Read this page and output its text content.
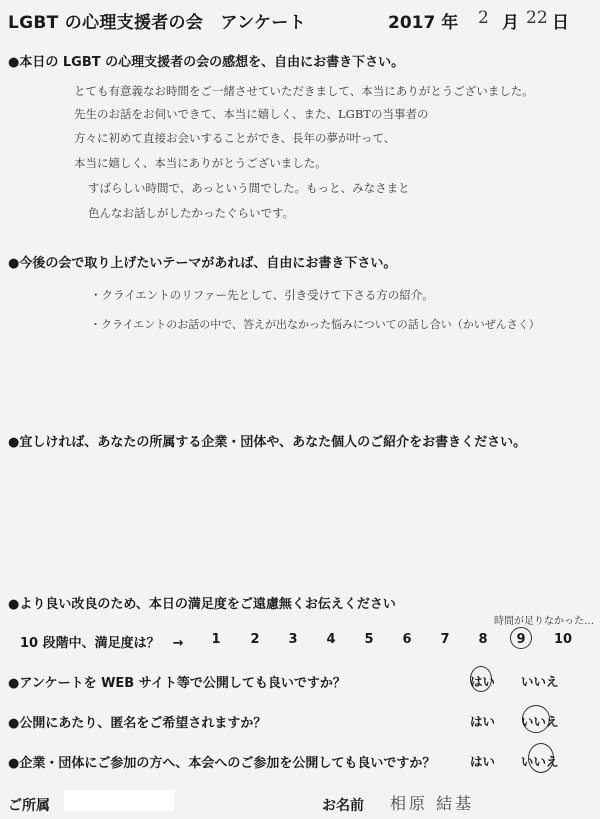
LGBT の心理支援者の会　アンケート	2017 年 2 月 22 日
●本日の LGBT の心理支援者の会の感想を、自由にお書き下さい。
とても有意義なお時間をご一緒させていただきまして、本当にありがとうございました。
先生のお話をお伺いできて、本当に嬉しく、また、LGBTの当事者の
方々に初めて直接お会いすることができ、長年の夢が叶って、
本当に嬉しく、本当にありがとうございました。
すばらしい時間で、あっという間でした。もっと、みなさまと
色んなお話しがしたかったぐらいです。
●今後の会で取り上げたいテーマがあれば、自由にお書き下さい。
・クライエントのリファー先として、引き受けて下さる方の紹介。
・クライエントのお話の中で、答えが出なかった悩みについての話し合い（かいぜんさく）
●宜しければ、あなたの所属する企業・団体や、あなた個人のご紹介をお書きください。
●より良い改良のため、本日の満足度をご遠慮無くお伝えください
時間が足りなかった…
10 段階中、満足度は？　→	1	2	3	4	5	6	7	8	9	10
●アンケートを WEB サイト等で公開しても良いですか？	はい いいえ
●公開にあたり、匿名をご希望されますか？	はい いいえ
●企業・団体にご参加の方へ、本会へのご参加を公開しても良いですか？	はい いいえ
ご所属	お名前 相原 結基
